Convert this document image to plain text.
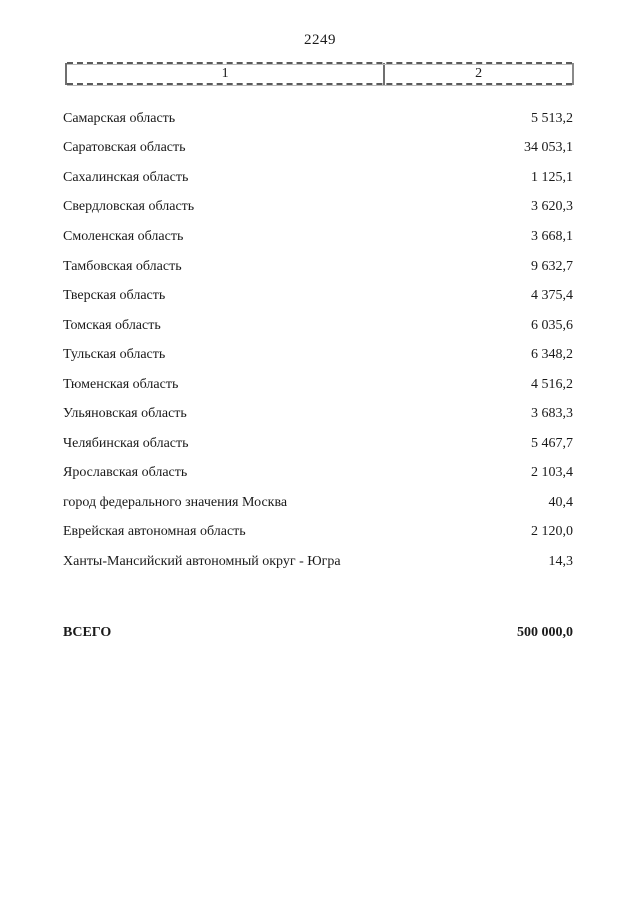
2249
1	2
Самарская область	5 513,2
Саратовская область	34 053,1
Сахалинская область	1 125,1
Свердловская область	3 620,3
Смоленская область	3 668,1
Тамбовская область	9 632,7
Тверская область	4 375,4
Томская область	6 035,6
Тульская область	6 348,2
Тюменская область	4 516,2
Ульяновская область	3 683,3
Челябинская область	5 467,7
Ярославская область	2 103,4
город федерального значения Москва	40,4
Еврейская автономная область	2 120,0
Ханты-Мансийский автономный округ - Югра	14,3
ВСЕГО	500 000,0
